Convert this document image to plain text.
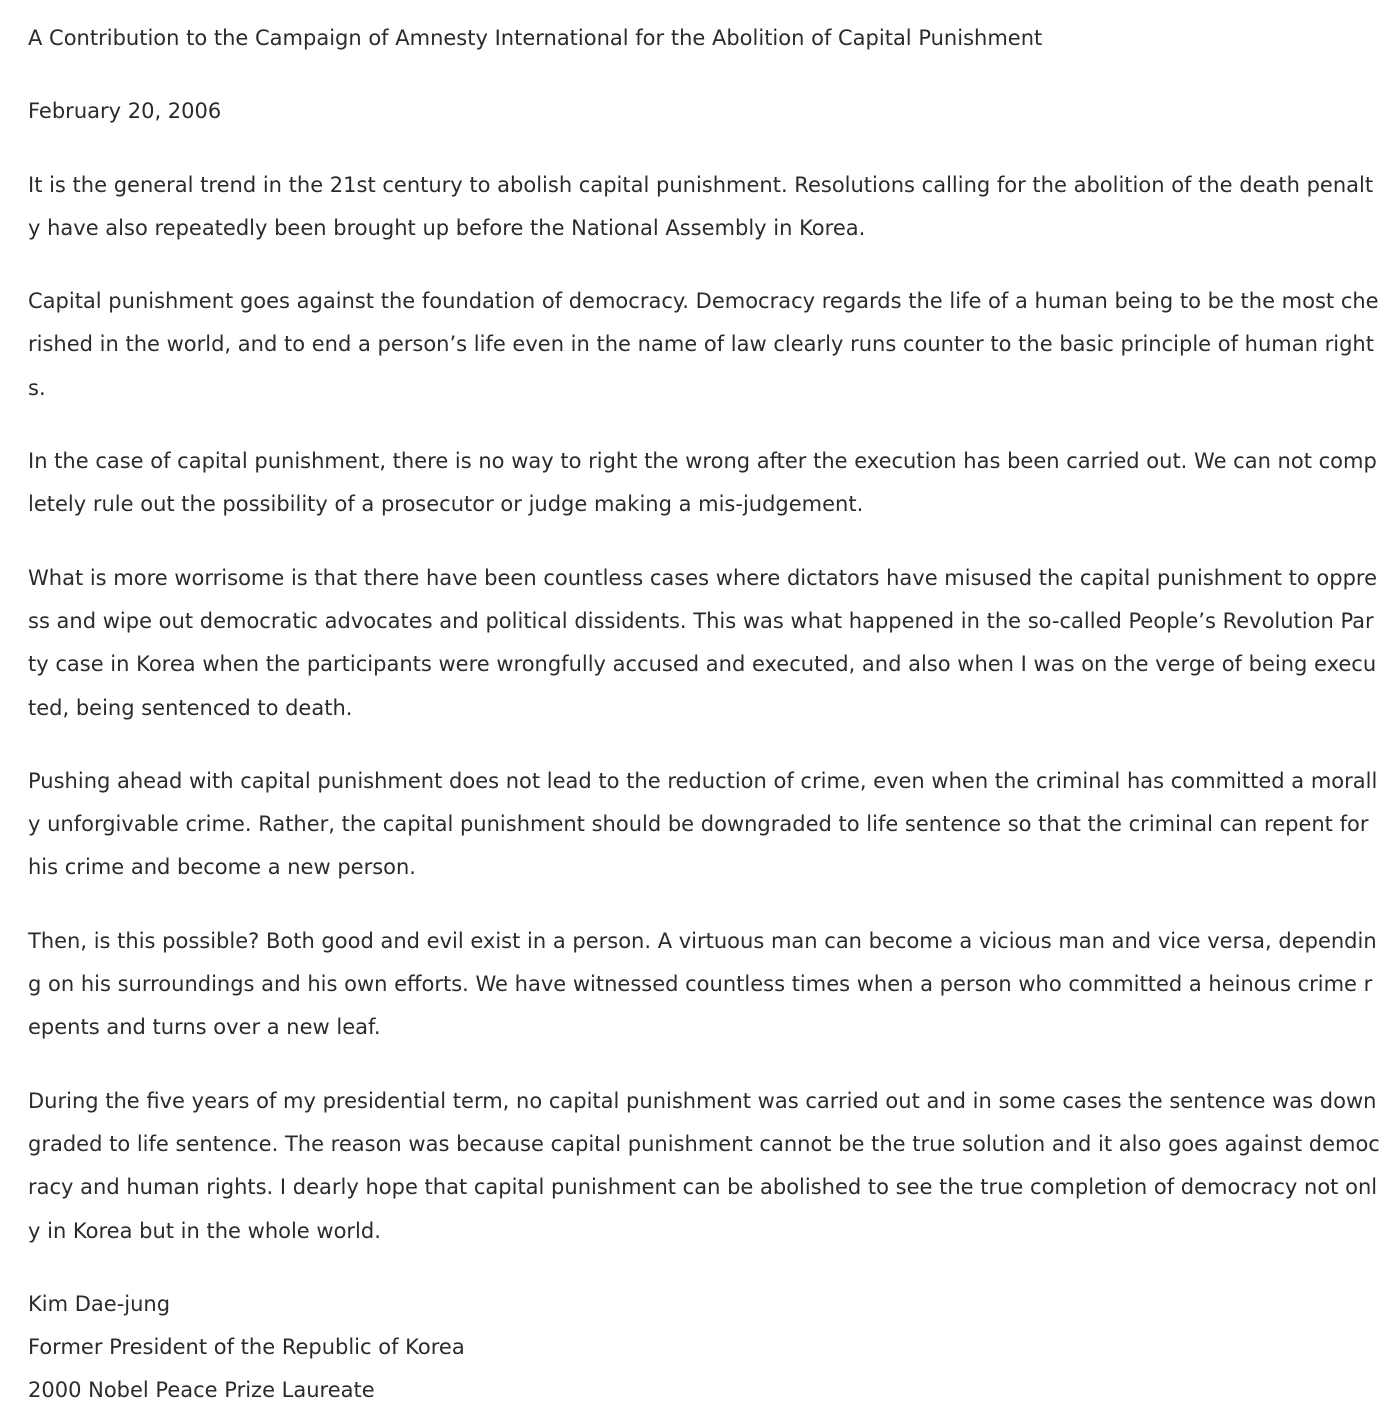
A Contribution to the Campaign of Amnesty International for the Abolition of Capital Punishment

February 20, 2006

It is the general trend in the 21st century to abolish capital punishment. Resolutions calling for the abolition of the death penalty have also repeatedly been brought up before the National Assembly in Korea.

Capital punishment goes against the foundation of democracy. Democracy regards the life of a human being to be the most cherished in the world, and to end a person’s life even in the name of law clearly runs counter to the basic principle of human rights.

In the case of capital punishment, there is no way to right the wrong after the execution has been carried out. We can not completely rule out the possibility of a prosecutor or judge making a mis-judgement.

What is more worrisome is that there have been countless cases where dictators have misused the capital punishment to oppress and wipe out democratic advocates and political dissidents. This was what happened in the so-called People’s Revolution Party case in Korea when the participants were wrongfully accused and executed, and also when I was on the verge of being executed, being sentenced to death.

Pushing ahead with capital punishment does not lead to the reduction of crime, even when the criminal has committed a morally unforgivable crime. Rather, the capital punishment should be downgraded to life sentence so that the criminal can repent for his crime and become a new person.

Then, is this possible? Both good and evil exist in a person. A virtuous man can become a vicious man and vice versa, depending on his surroundings and his own efforts. We have witnessed countless times when a person who committed a heinous crime repents and turns over a new leaf.

During the five years of my presidential term, no capital punishment was carried out and in some cases the sentence was downgraded to life sentence. The reason was because capital punishment cannot be the true solution and it also goes against democracy and human rights. I dearly hope that capital punishment can be abolished to see the true completion of democracy not only in Korea but in the whole world.

Kim Dae-jung
Former President of the Republic of Korea
2000 Nobel Peace Prize Laureate
